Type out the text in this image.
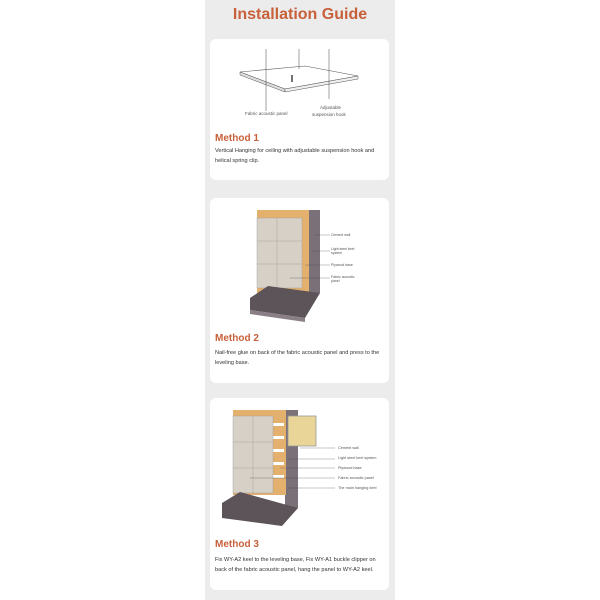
Installation Guide
Fabric acoustic panel
Adjustable
suspension hook
Method 1
Vertical Hanging for ceiling with adjustable suspension hook and helical spring clip.
Cement wall
Light steel keel
system
Plywood base
Fabric acoustic
panel
Method 2
Nail-free glue on back of the fabric acoustic panel and press to the leveling base.
Cement wall
Light steel keel system
Plywood base
Fabric acoustic panel
The main hanging keel
Method 3
Fix WY-A2 keel to the leveling base, Fix WY-A1 buckle clipper on back of the fabric acoustic panel, hang the panel to WY-A2 keel.
